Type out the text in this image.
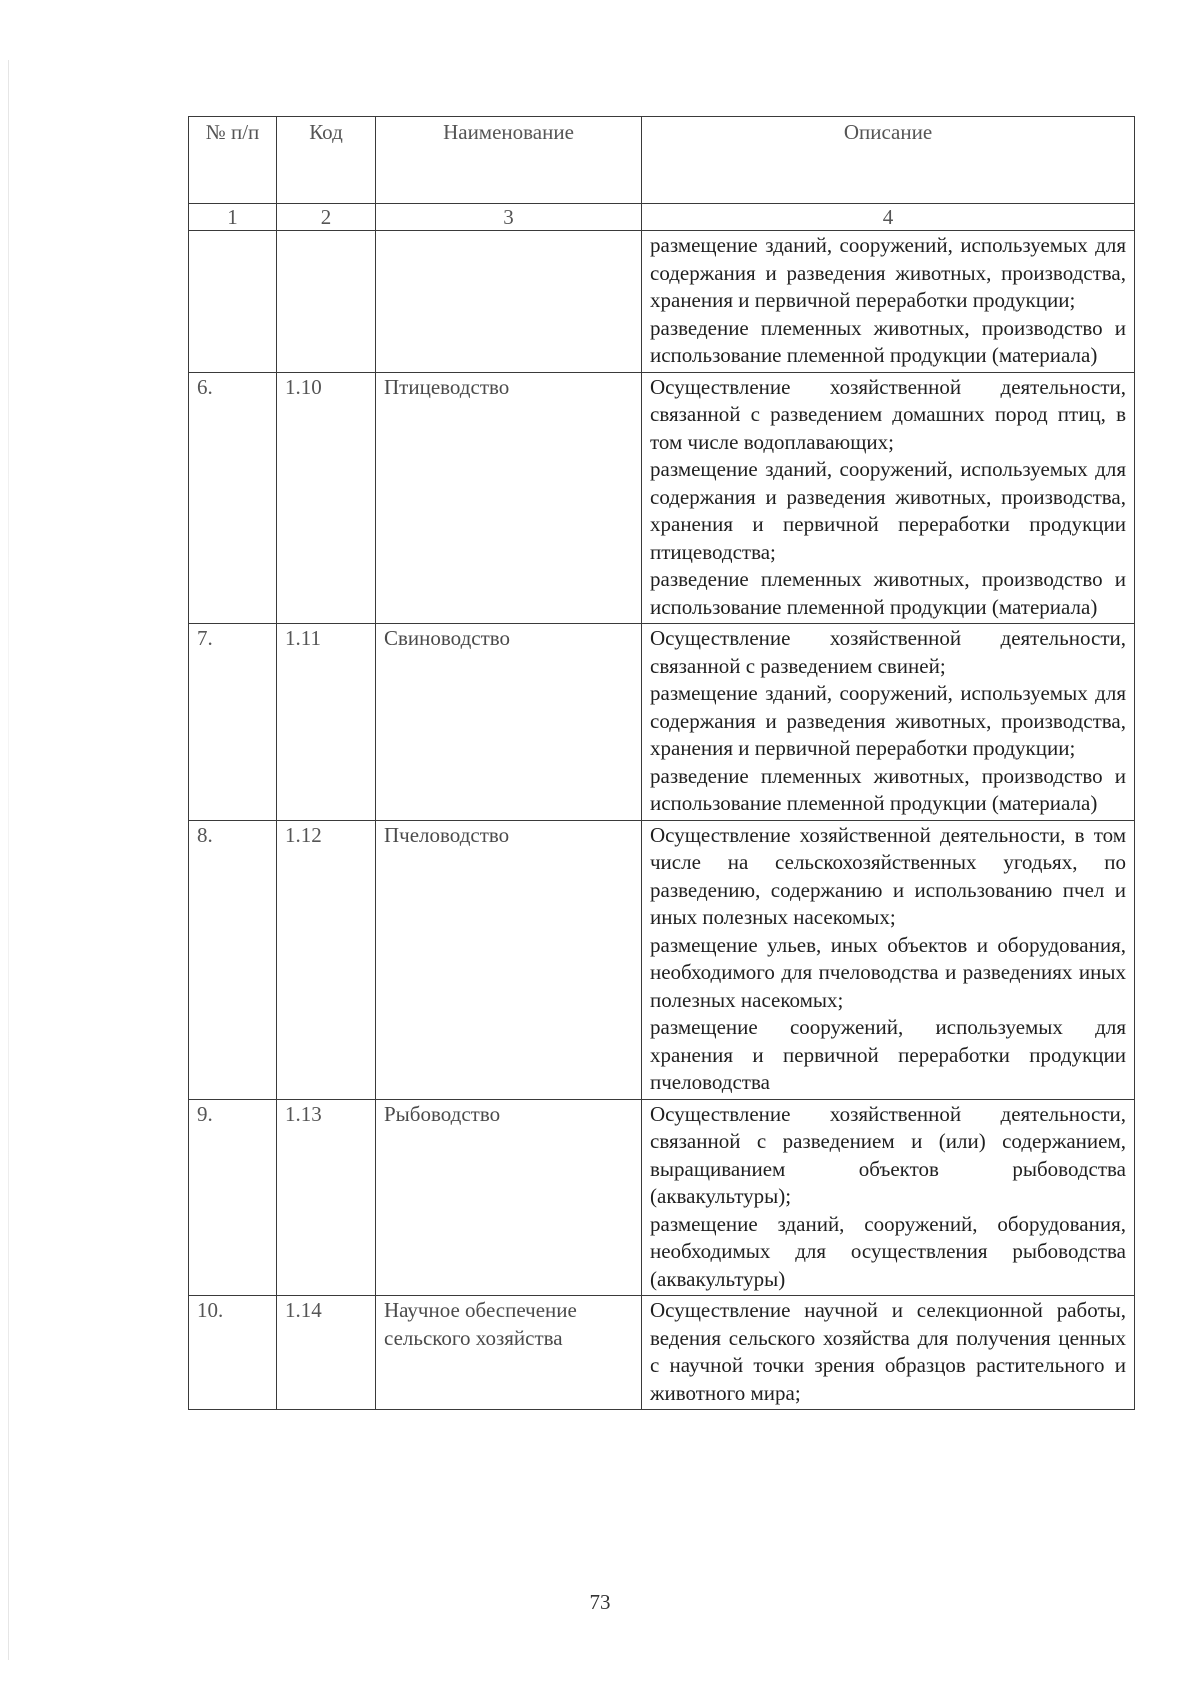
№ п/п	Код	Наименование	Описание
1	2	3	4

			размещение зданий, сооружений, используемых для содержания и разведения животных, производства, хранения и первичной переработки продукции;
разведение племенных животных, производство и использование племенной продукции (материала)

6.	1.10	Птицеводство	Осуществление хозяйственной деятельности, связанной с разведением домашних пород птиц, в том числе водоплавающих;
размещение зданий, сооружений, используемых для содержания и разведения животных, производства, хранения и первичной переработки продукции птицеводства;
разведение племенных животных, производство и использование племенной продукции (материала)

7.	1.11	Свиноводство	Осуществление хозяйственной деятельности, связанной с разведением свиней;
размещение зданий, сооружений, используемых для содержания и разведения животных, производства, хранения и первичной переработки продукции;
разведение племенных животных, производство и использование племенной продукции (материала)

8.	1.12	Пчеловодство	Осуществление хозяйственной деятельности, в том числе на сельскохозяйственных угодьях, по разведению, содержанию и использованию пчел и иных полезных насекомых;
размещение ульев, иных объектов и оборудования, необходимого для пчеловодства и разведениях иных полезных насекомых;
размещение сооружений, используемых для хранения и первичной переработки продукции пчеловодства

9.	1.13	Рыбоводство	Осуществление хозяйственной деятельности, связанной с разведением и (или) содержанием, выращиванием объектов рыбоводства (аквакультуры);
размещение зданий, сооружений, оборудования, необходимых для осуществления рыбоводства (аквакультуры)

10.	1.14	Научное обеспечение сельского хозяйства	Осуществление научной и селекционной работы, ведения сельского хозяйства для получения ценных с научной точки зрения образцов растительного и животного мира;
73
